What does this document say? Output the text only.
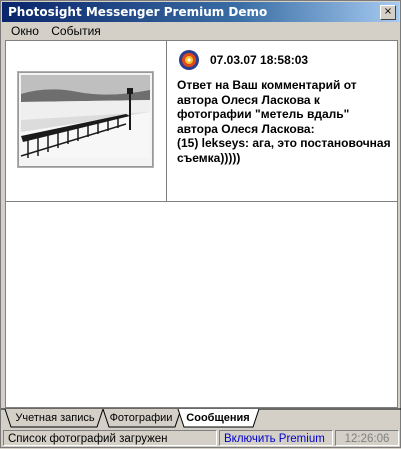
Photosight Messenger Premium Demo	×
Окно События
07.03.07 18:58:03
Ответ на Ваш комментарий от автора Олеся Ласкова к фотографии "метель вдаль" автора Олеся Ласкова:
(15) lekseys: ага, это постановочная съемка)))))
Учетная запись	Фотографии	Сообщения
Список фотографий загружен	Включить Premium	12:26:06
